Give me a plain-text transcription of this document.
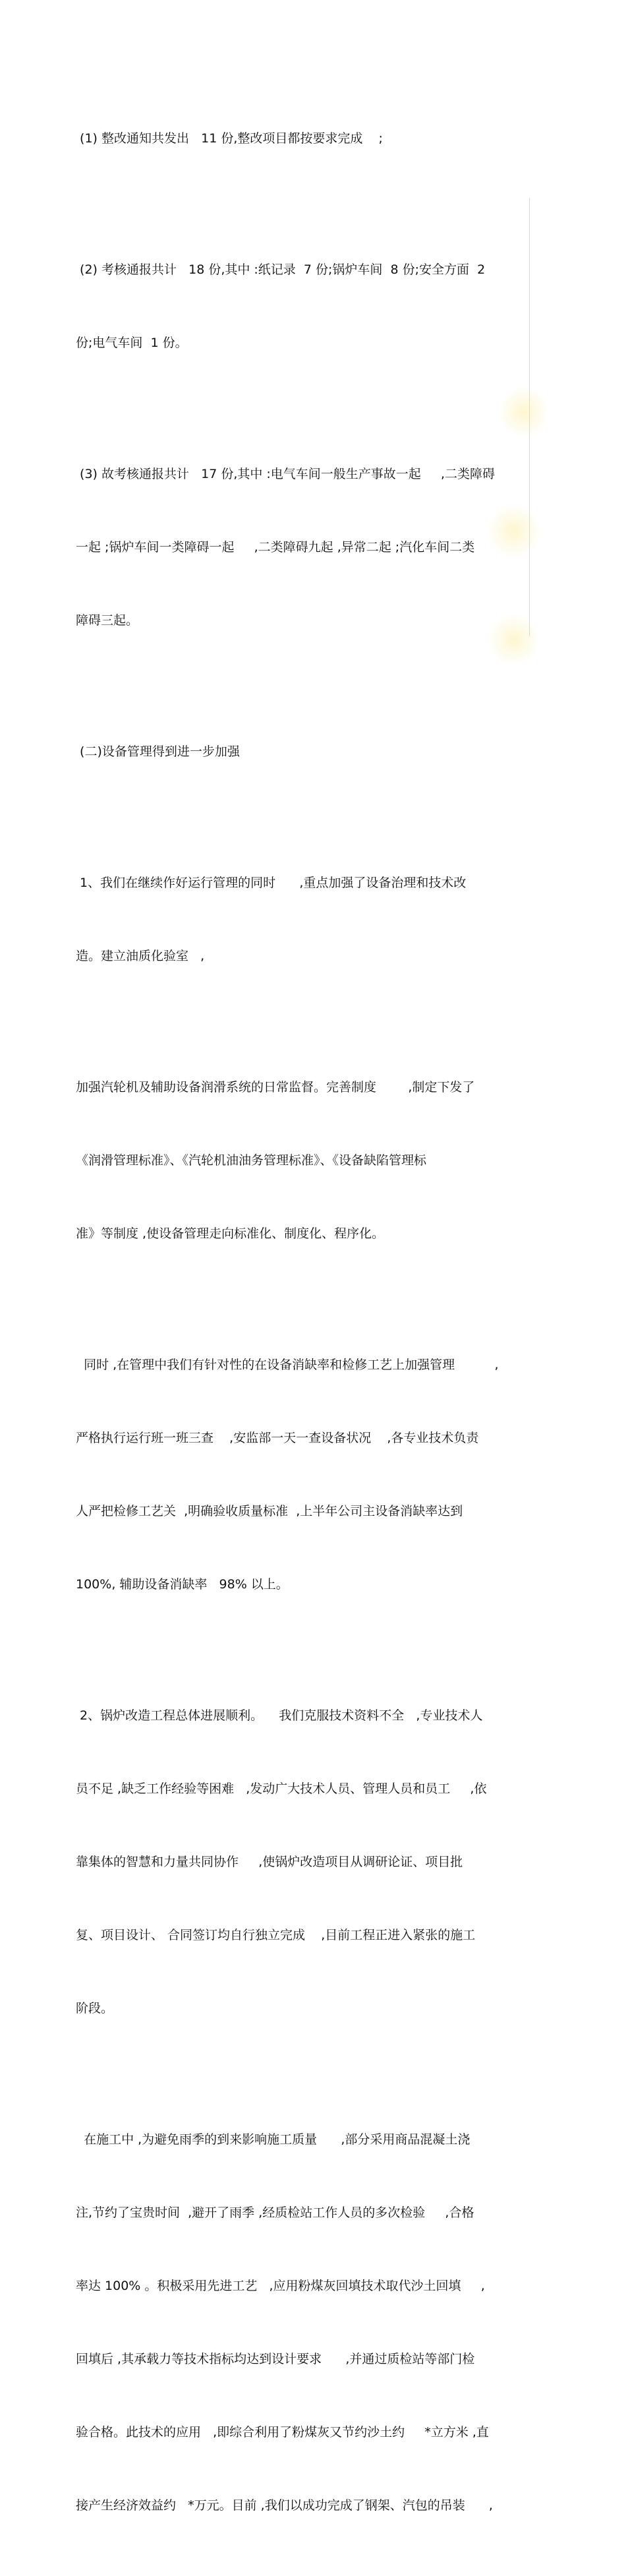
(1) 整改通知共发出   11 份,整改项目都按要求完成    ;

(2) 考核通报共计   18 份,其中 :纸记录  7 份;锅炉车间  8 份;安全方面  2

份;电气车间  1 份。

(3) 故考核通报共计   17 份,其中 :电气车间一般生产事故一起     ,二类障碍

一起 ;锅炉车间一类障碍一起     ,二类障碍九起 ,异常二起 ;汽化车间二类

障碍三起。

(二)设备管理得到进一步加强

1、我们在继续作好运行管理的同时      ,重点加强了设备治理和技术改

造。建立油质化验室   ,

加强汽轮机及辅助设备润滑系统的日常监督。完善制度        ,制定下发了

《润滑管理标准》、《汽轮机油油务管理标准》、《设备缺陷管理标

准》等制度 ,使设备管理走向标准化、制度化、程序化。

同时 ,在管理中我们有针对性的在设备消缺率和检修工艺上加强管理          ,

严格执行运行班一班三查    ,安监部一天一查设备状况    ,各专业技术负责

人严把检修工艺关  ,明确验收质量标准  ,上半年公司主设备消缺率达到

100%, 辅助设备消缺率   98% 以上。

2、锅炉改造工程总体进展顺利。    我们克服技术资料不全   ,专业技术人

员不足 ,缺乏工作经验等困难   ,发动广大技术人员、管理人员和员工     ,依

靠集体的智慧和力量共同协作     ,使锅炉改造项目从调研论证、项目批

复、项目设计、 合同签订均自行独立完成    ,目前工程正进入紧张的施工

阶段。

在施工中 ,为避免雨季的到来影响施工质量      ,部分采用商品混凝土浇

注,节约了宝贵时间  ,避开了雨季 ,经质检站工作人员的多次检验     ,合格

率达 100% 。积极采用先进工艺   ,应用粉煤灰回填技术取代沙土回填     ,

回填后 ,其承载力等技术指标均达到设计要求      ,并通过质检站等部门检

验合格。此技术的应用   ,即综合利用了粉煤灰又节约沙土约     *立方米 ,直

接产生经济效益约   *万元。目前 ,我们以成功完成了钢架、汽包的吊装      ,
